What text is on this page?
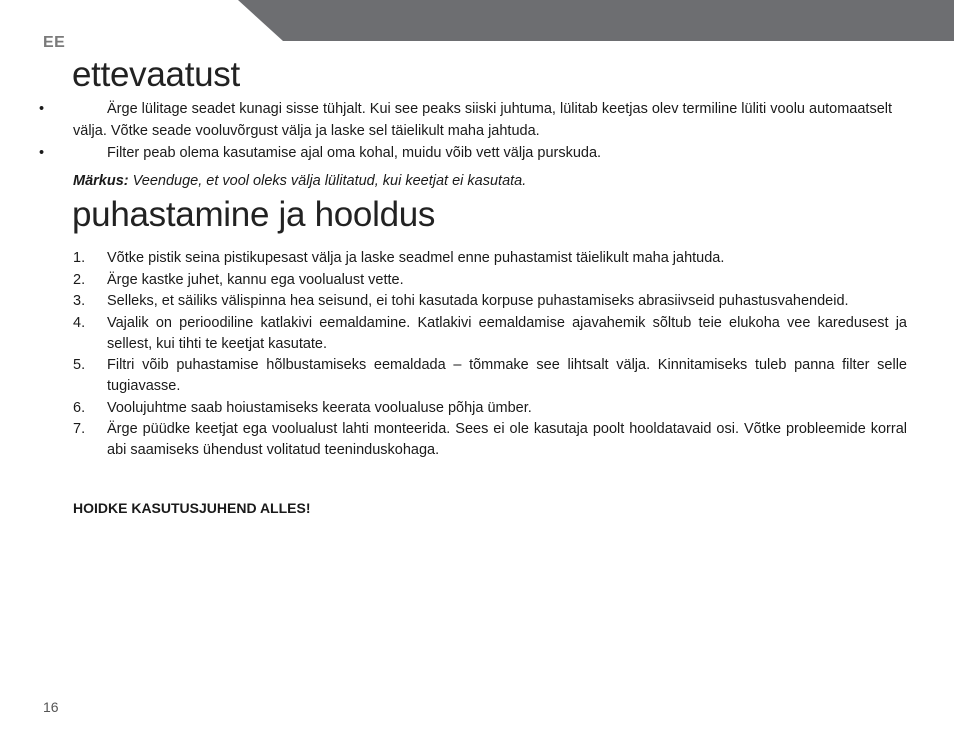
EE
ettevaatust
•	Ärge lülitage seadet kunagi sisse tühjalt. Kui see peaks siiski juhtuma, lülitab keetjas olev termiline lüliti voolu automaatselt välja. Võtke seade vooluvõrgust välja ja laske sel täielikult maha jahtuda.
•	Filter peab olema kasutamise ajal oma kohal, muidu võib vett välja purskuda.
Märkus: Veenduge, et vool oleks välja lülitatud, kui keetjat ei kasutata.
puhastamine ja hooldus
1. Võtke pistik seina pistikupesast välja ja laske seadmel enne puhastamist täielikult maha jahtuda.
2. Ärge kastke juhet, kannu ega voolualust vette.
3. Selleks, et säiliks välispinna hea seisund, ei tohi kasutada korpuse puhastamiseks abrasiivseid puhastusvahendeid.
4. Vajalik on perioodiline katlakivi eemaldamine. Katlakivi eemaldamise ajavahemik sõltub teie elukoha vee karedusest ja sellest, kui tihti te keetjat kasutate.
5. Filtri võib puhastamise hõlbustamiseks eemaldada – tõmmake see lihtsalt välja. Kinnitamiseks tuleb panna filter selle tugiavasse.
6. Voolujuhtme saab hoiustamiseks keerata voolualuse põhja ümber.
7. Ärge püüdke keetjat ega voolualust lahti monteerida. Sees ei ole kasutaja poolt hooldatavaid osi. Võtke probleemide korral abi saamiseks ühendust volitatud teeninduskohaga.
HOIDKE KASUTUSJUHEND ALLES!
16
